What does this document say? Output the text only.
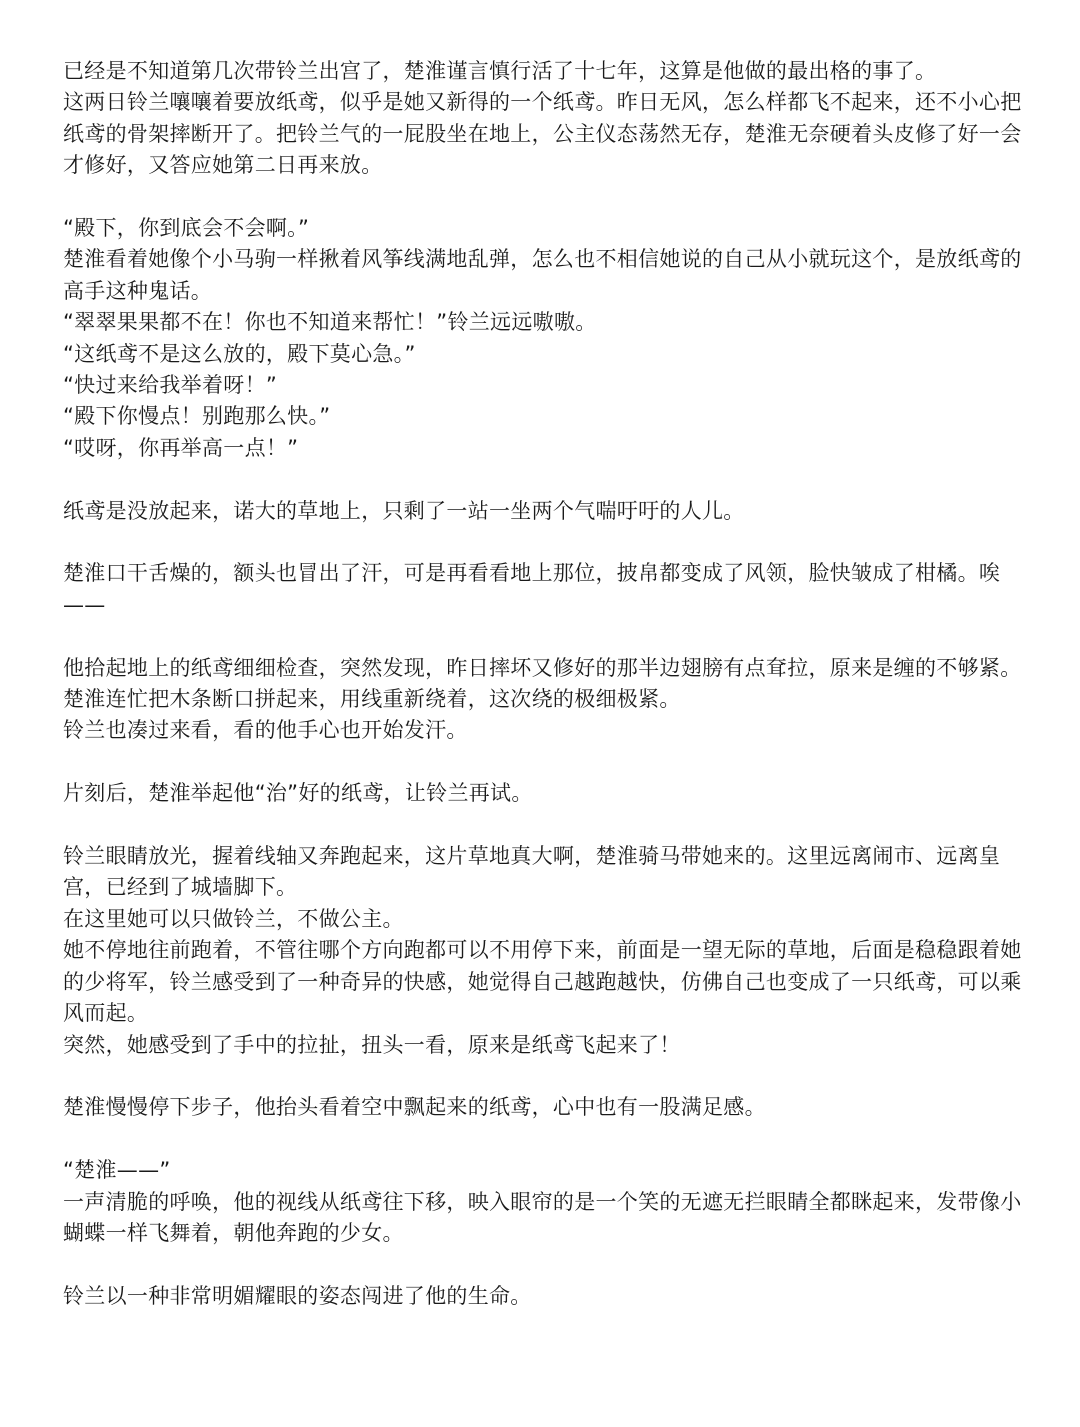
已经是不知道第几次带铃兰出宫了，楚淮谨言慎行活了十七年，这算是他做的最出格的事了。

这两日铃兰嚷嚷着要放纸鸢，似乎是她又新得的一个纸鸢。昨日无风，怎么样都飞不起来，还不小心把纸鸢的骨架摔断开了。把铃兰气的一屁股坐在地上，公主仪态荡然无存，楚淮无奈硬着头皮修了好一会才修好，又答应她第二日再来放。

“殿下，你到底会不会啊。”

楚淮看着她像个小马驹一样揪着风筝线满地乱弹，怎么也不相信她说的自己从小就玩这个，是放纸鸢的高手这种鬼话。

“翠翠果果都不在！你也不知道来帮忙！”铃兰远远嗷嗷。

“这纸鸢不是这么放的，殿下莫心急。”

“快过来给我举着呀！”

“殿下你慢点！别跑那么快。”

“哎呀，你再举高一点！”

纸鸢是没放起来，诺大的草地上，只剩了一站一坐两个气喘吁吁的人儿。

楚淮口干舌燥的，额头也冒出了汗，可是再看看地上那位，披帛都变成了风领，脸快皱成了柑橘。唉——

他拾起地上的纸鸢细细检查，突然发现，昨日摔坏又修好的那半边翅膀有点耷拉，原来是缠的不够紧。

楚淮连忙把木条断口拼起来，用线重新绕着，这次绕的极细极紧。

铃兰也凑过来看，看的他手心也开始发汗。

片刻后，楚淮举起他“治”好的纸鸢，让铃兰再试。

铃兰眼睛放光，握着线轴又奔跑起来，这片草地真大啊，楚淮骑马带她来的。这里远离闹市、远离皇宫，已经到了城墙脚下。

在这里她可以只做铃兰，不做公主。

她不停地往前跑着，不管往哪个方向跑都可以不用停下来，前面是一望无际的草地，后面是稳稳跟着她的少将军，铃兰感受到了一种奇异的快感，她觉得自己越跑越快，仿佛自己也变成了一只纸鸢，可以乘风而起。

突然，她感受到了手中的拉扯，扭头一看，原来是纸鸢飞起来了！

楚淮慢慢停下步子，他抬头看着空中飘起来的纸鸢，心中也有一股满足感。

“楚淮——”

一声清脆的呼唤，他的视线从纸鸢往下移，映入眼帘的是一个笑的无遮无拦眼睛全都眯起来，发带像小蝴蝶一样飞舞着，朝他奔跑的少女。

铃兰以一种非常明媚耀眼的姿态闯进了他的生命。
